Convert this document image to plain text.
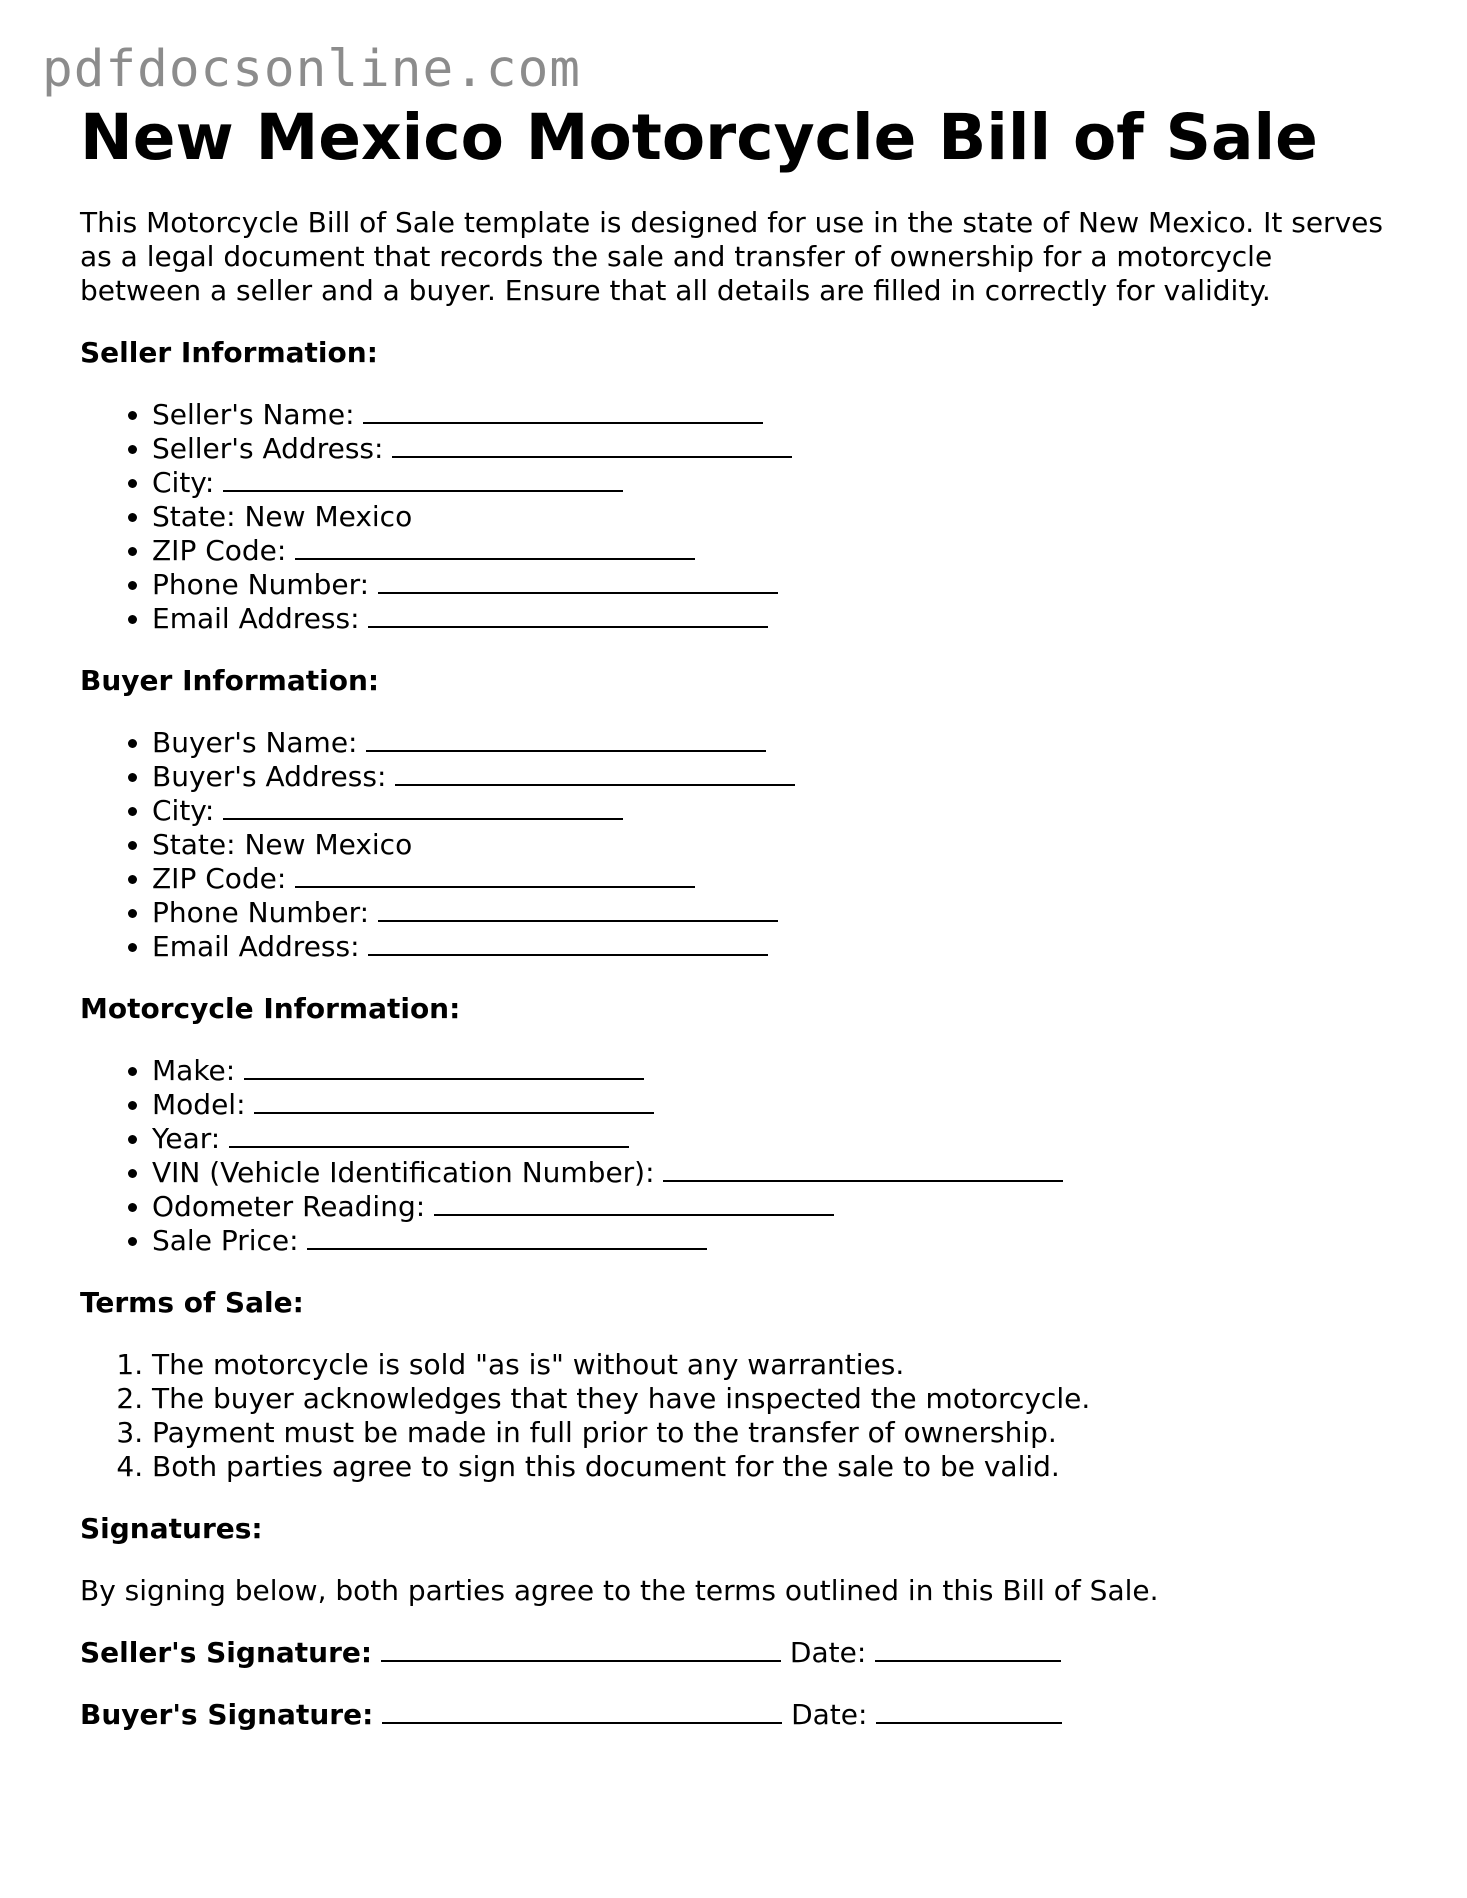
pdfdocsonline.com
New Mexico Motorcycle Bill of Sale

This Motorcycle Bill of Sale template is designed for use in the state of New Mexico. It serves as a legal document that records the sale and transfer of ownership for a motorcycle between a seller and a buyer. Ensure that all details are filled in correctly for validity.

Seller Information:
• Seller's Name:
• Seller's Address:
• City:
• State: New Mexico
• ZIP Code:
• Phone Number:
• Email Address:
Buyer Information:
• Buyer's Name:
• Buyer's Address:
• City:
• State: New Mexico
• ZIP Code:
• Phone Number:
• Email Address:
Motorcycle Information:
• Make:
• Model:
• Year:
• VIN (Vehicle Identification Number):
• Odometer Reading:
• Sale Price:
Terms of Sale:
1. The motorcycle is sold "as is" without any warranties.
2. The buyer acknowledges that they have inspected the motorcycle.
3. Payment must be made in full prior to the transfer of ownership.
4. Both parties agree to sign this document for the sale to be valid.
Signatures:

By signing below, both parties agree to the terms outlined in this Bill of Sale.

Seller's Signature:	Date:
Buyer's Signature:	Date:
